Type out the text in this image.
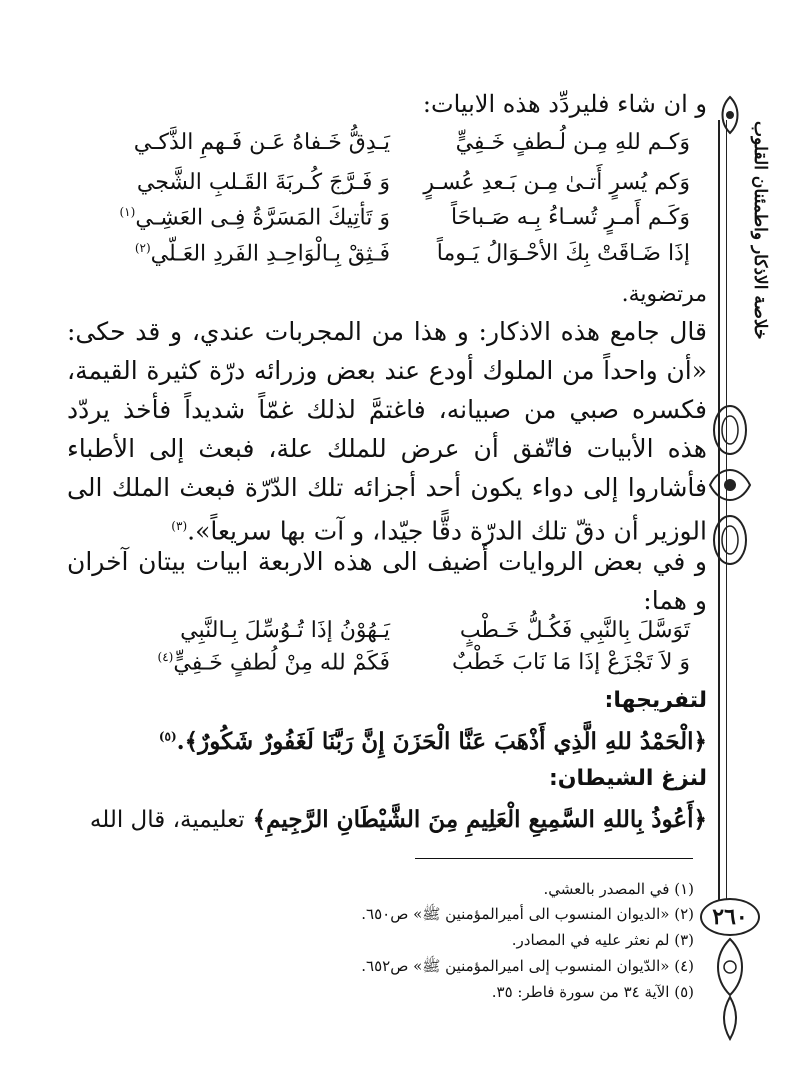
خلاصة الاذكار واطمئنان القلوب
٢٦٠
و ان شاء فليردِّد هذه الابيات:
وَكـم للهِ مِـن لُـطفٍ خَـفِيٍّ
يَـدِقُّ خَـفاهُ عَـن فَـهمِ الذَّكـي
وَكم يُسرٍ أَتـىٰ مِـن بَـعدِ عُسـرٍ
وَ فَـرَّجَ كُـربَةَ القَـلبِ الشَّجي
وَكَـم أَمـرٍ تُسـاءُ بِـه صَـباحَاً
وَ تَأتِيكَ المَسَرَّةُ فِـى العَشِـي$^{(١)}$
إذَا ضَـاقَتْ بِكَ الأحْـوَالُ يَـوماً
فَـثِقْ بِـالْوَاحِـدِ الفَردِ العَـلّي$^{(٢)}$
مرتضوية.
قال جامع هذه الاذكار: و هذا من المجربات عندي، و قد حكى: «أن واحداً من الملوك أودع عند بعض وزرائه درّة كثيرة القيمة، فكسره صبي من صبيانه، فاغتمَّ لذلك غمّاً شديداً فأخذ يردّد هذه الأبيات فاتّفق أن عرض للملك علة، فبعث إلى الأطباء فأشاروا إلى دواء يكون أحد أجزائه تلك الدّرّة فبعث الملك الى الوزير أن دقّ تلك الدرّة دقًّا جيّدا، و آت بها سريعاً».$^{(٣)}$
و في بعض الروايات أضيف الى هذه الاربعة ابيات بيتان آخران و هما:
تَوَسَّلَ بِالنَّبِي فَكُـلُّ خَـطْبٍ
يَـهُوْنُ إذَا تُـوُسِّلَ بِـالنَّبِي
وَ لاَ تَجْزَعْ إذَا مَا نَابَ خَطْبٌ
فَكَمْ لله مِنْ لُطفٍ خَـفِيٍّ$^{(٤)}$
لتفريجها:
﴿الْحَمْدُ للهِ الَّذِي أَذْهَبَ عَنَّا الْحَزَنَ إِنَّ رَبَّنَا لَغَفُورٌ شَكُورٌ﴾.$^{(٥)}$
لنزغ الشيطان:
﴿أَعُوذُ بِاللهِ السَّمِيعِ الْعَلِيمِ مِنَ الشَّيْطَانِ الرَّجِيمِ﴾ تعليمية، قال الله
(١) في المصدر بالعشي.
(٢) «الديوان المنسوب الى أميرالمؤمنين ﷺ» ص٦٥٠.
(٣) لم نعثر عليه في المصادر.
(٤) «الدّيوان المنسوب إلى اميرالمؤمنين ﷺ» ص٦٥٢.
(٥) الآية ٣٤ من سورة فاطر: ٣٥.
